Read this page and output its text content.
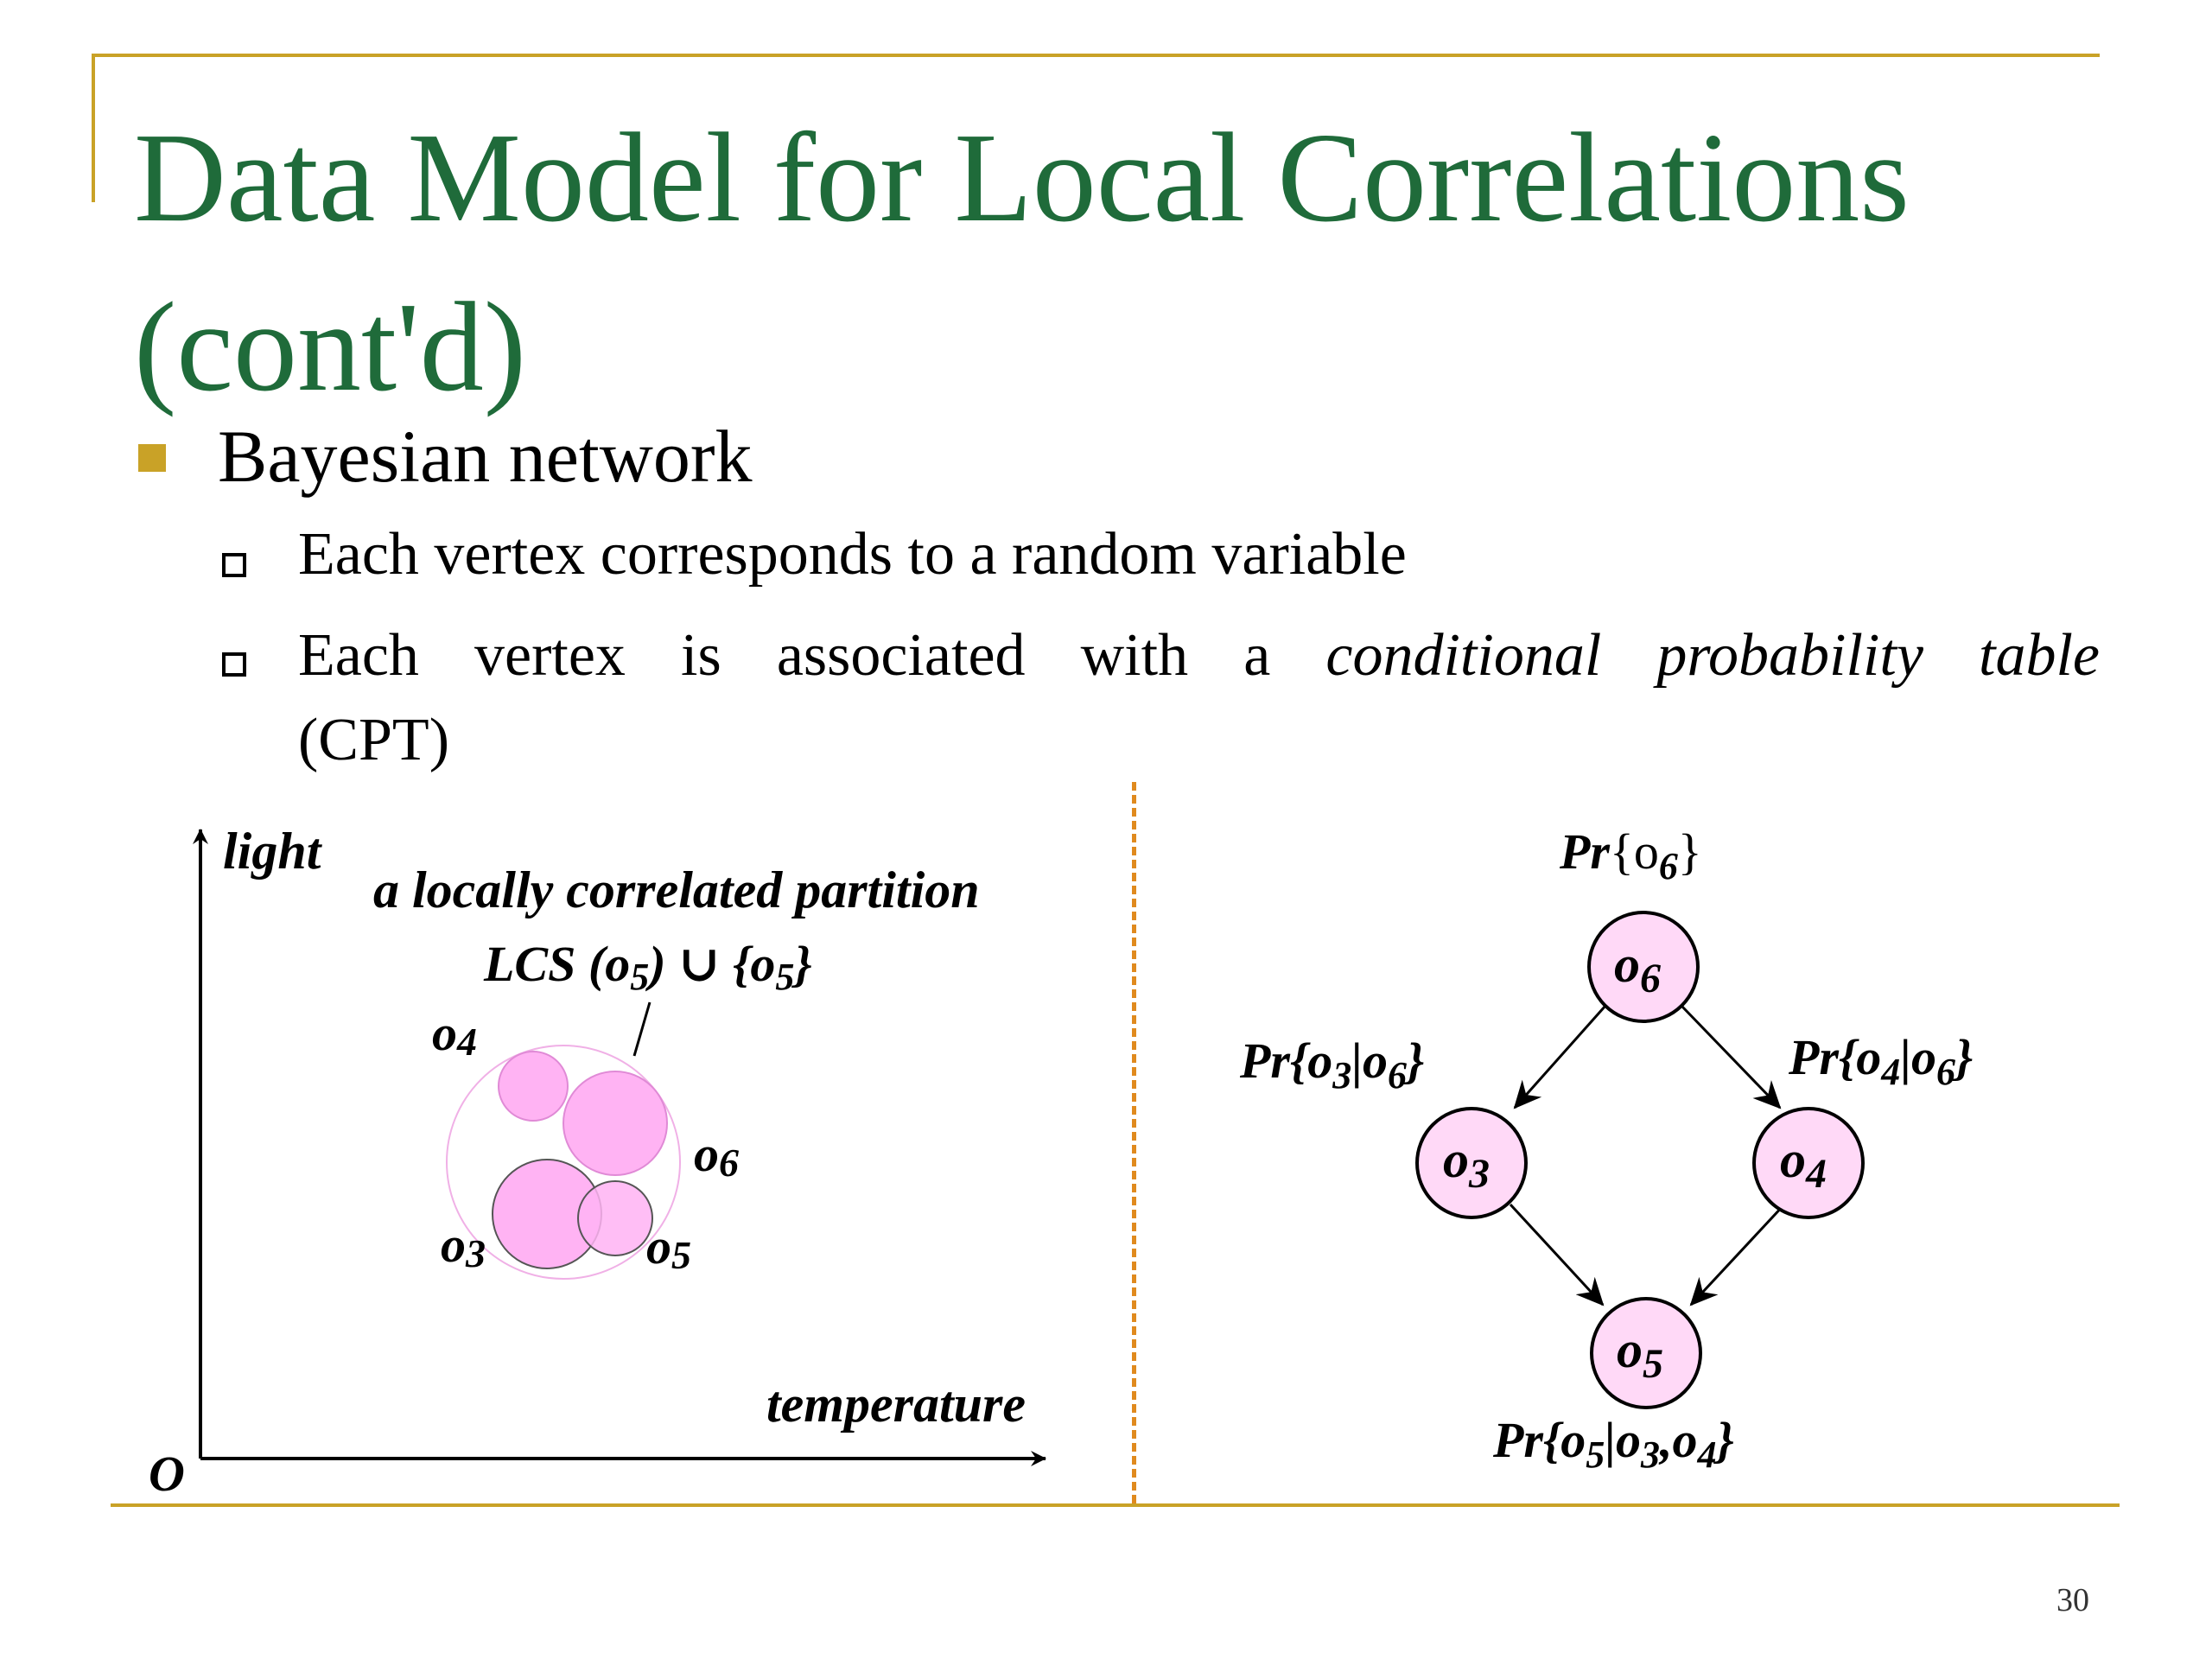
Data Model for Local Correlations
(cont'd)
Bayesian network
Each vertex corresponds to a random variable
Each vertex is associated with a conditional probability table
(CPT)
light
temperature
O
a locally correlated partition
LCS (o5) ∪ {o5}
o4
o6
o3	o5
$o_6$
$o_3$	$o_4$
$o_5$
$Pr\{o_6\}$
$Pr\{o_3|o_6\}$	$Pr\{o_4|o_6\}$
$Pr\{o_5|o_3,o_4\}$
30
